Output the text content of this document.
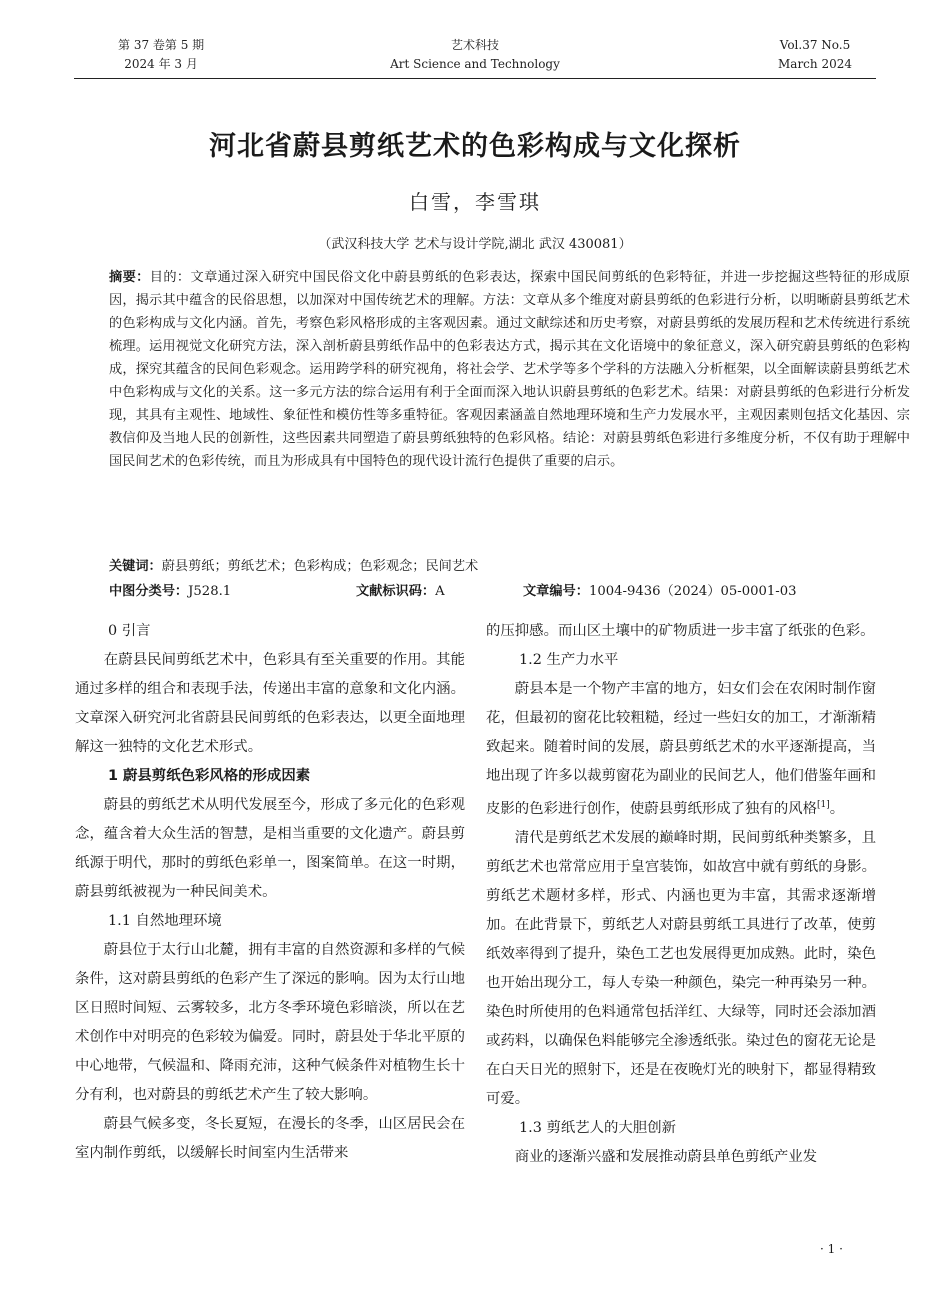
第 37 卷第 5 期
2024 年 3 月
艺术科技
Art Science and Technology
Vol.37 No.5
March 2024
河北省蔚县剪纸艺术的色彩构成与文化探析
白雪，李雪琪
（武汉科技大学 艺术与设计学院,湖北 武汉 430081）
摘要：目的：文章通过深入研究中国民俗文化中蔚县剪纸的色彩表达，探索中国民间剪纸的色彩特征，并进一步挖掘这些特征的形成原因，揭示其中蕴含的民俗思想，以加深对中国传统艺术的理解。方法：文章从多个维度对蔚县剪纸的色彩进行分析，以明晰蔚县剪纸艺术的色彩构成与文化内涵。首先，考察色彩风格形成的主客观因素。通过文献综述和历史考察，对蔚县剪纸的发展历程和艺术传统进行系统梳理。运用视觉文化研究方法，深入剖析蔚县剪纸作品中的色彩表达方式，揭示其在文化语境中的象征意义，深入研究蔚县剪纸的色彩构成，探究其蕴含的民间色彩观念。运用跨学科的研究视角，将社会学、艺术学等多个学科的方法融入分析框架，以全面解读蔚县剪纸艺术中色彩构成与文化的关系。这一多元方法的综合运用有利于全面而深入地认识蔚县剪纸的色彩艺术。结果：对蔚县剪纸的色彩进行分析发现，其具有主观性、地域性、象征性和模仿性等多重特征。客观因素涵盖自然地理环境和生产力发展水平，主观因素则包括文化基因、宗教信仰及当地人民的创新性，这些因素共同塑造了蔚县剪纸独特的色彩风格。结论：对蔚县剪纸色彩进行多维度分析，不仅有助于理解中国民间艺术的色彩传统，而且为形成具有中国特色的现代设计流行色提供了重要的启示。
关键词：蔚县剪纸；剪纸艺术；色彩构成；色彩观念；民间艺术
中图分类号：J528.1	文献标识码：A	文章编号：1004-9436（2024）05-0001-03
0 引言

在蔚县民间剪纸艺术中，色彩具有至关重要的作用。其能通过多样的组合和表现手法，传递出丰富的意象和文化内涵。文章深入研究河北省蔚县民间剪纸的色彩表达，以更全面地理解这一独特的文化艺术形式。

1 蔚县剪纸色彩风格的形成因素

蔚县的剪纸艺术从明代发展至今，形成了多元化的色彩观念，蕴含着大众生活的智慧，是相当重要的文化遗产。蔚县剪纸源于明代，那时的剪纸色彩单一，图案简单。在这一时期，蔚县剪纸被视为一种民间美术。

1.1 自然地理环境

蔚县位于太行山北麓，拥有丰富的自然资源和多样的气候条件，这对蔚县剪纸的色彩产生了深远的影响。因为太行山地区日照时间短、云雾较多，北方冬季环境色彩暗淡，所以在艺术创作中对明亮的色彩较为偏爱。同时，蔚县处于华北平原的中心地带，气候温和、降雨充沛，这种气候条件对植物生长十分有利，也对蔚县的剪纸艺术产生了较大影响。

蔚县气候多变，冬长夏短，在漫长的冬季，山区居民会在室内制作剪纸，以缓解长时间室内生活带来

的压抑感。而山区土壤中的矿物质进一步丰富了纸张的色彩。

1.2 生产力水平

蔚县本是一个物产丰富的地方，妇女们会在农闲时制作窗花，但最初的窗花比较粗糙，经过一些妇女的加工，才渐渐精致起来。随着时间的发展，蔚县剪纸艺术的水平逐渐提高，当地出现了许多以裁剪窗花为副业的民间艺人，他们借鉴年画和皮影的色彩进行创作，使蔚县剪纸形成了独有的风格[1]。

清代是剪纸艺术发展的巅峰时期，民间剪纸种类繁多，且剪纸艺术也常常应用于皇宫装饰，如故宫中就有剪纸的身影。剪纸艺术题材多样，形式、内涵也更为丰富，其需求逐渐增加。在此背景下，剪纸艺人对蔚县剪纸工具进行了改革，使剪纸效率得到了提升，染色工艺也发展得更加成熟。此时，染色也开始出现分工，每人专染一种颜色，染完一种再染另一种。染色时所使用的色料通常包括洋红、大绿等，同时还会添加酒或药料，以确保色料能够完全渗透纸张。染过色的窗花无论是在白天日光的照射下，还是在夜晚灯光的映射下，都显得精致可爱。

1.3 剪纸艺人的大胆创新

商业的逐渐兴盛和发展推动蔚县单色剪纸产业发

· 1 ·
